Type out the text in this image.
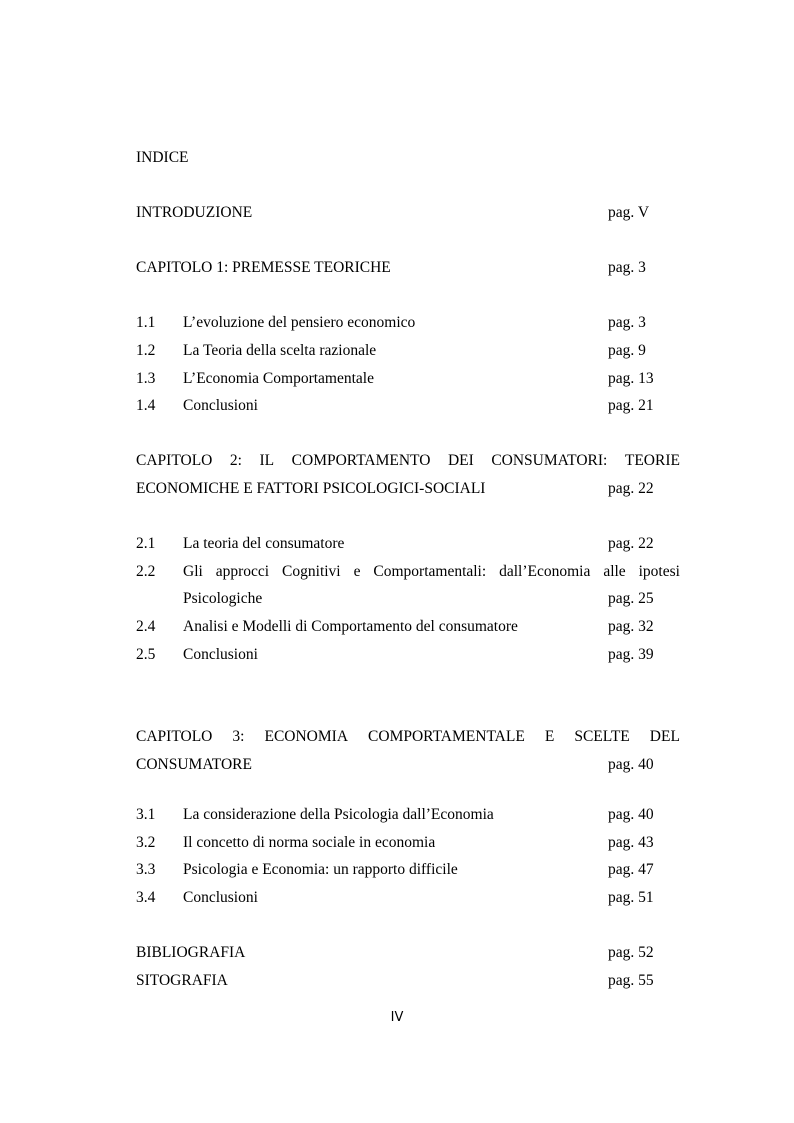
INDICE
INTRODUZIONE	pag. V
CAPITOLO 1: PREMESSE TEORICHE	pag. 3
1.1 L’evoluzione del pensiero economico	pag. 3
1.2 La Teoria della scelta razionale	pag. 9
1.3 L’Economia Comportamentale	pag. 13
1.4 Conclusioni	pag. 21
CAPITOLO 2: IL COMPORTAMENTO DEI CONSUMATORI: TEORIE
ECONOMICHE E FATTORI PSICOLOGICI-SOCIALI	pag. 22
2.1 La teoria del consumatore	pag. 22
2.2 Gli approcci Cognitivi e Comportamentali: dall’Economia alle ipotesi
Psicologiche	pag. 25
2.4 Analisi e Modelli di Comportamento del consumatore	pag. 32
2.5 Conclusioni	pag. 39
CAPITOLO 3: ECONOMIA COMPORTAMENTALE E SCELTE DEL
CONSUMATORE	pag. 40
3.1 La considerazione della Psicologia dall’Economia	pag. 40
3.2 Il concetto di norma sociale in economia	pag. 43
3.3 Psicologia e Economia: un rapporto difficile	pag. 47
3.4 Conclusioni	pag. 51
BIBLIOGRAFIA	pag. 52
SITOGRAFIA	pag. 55
IV
